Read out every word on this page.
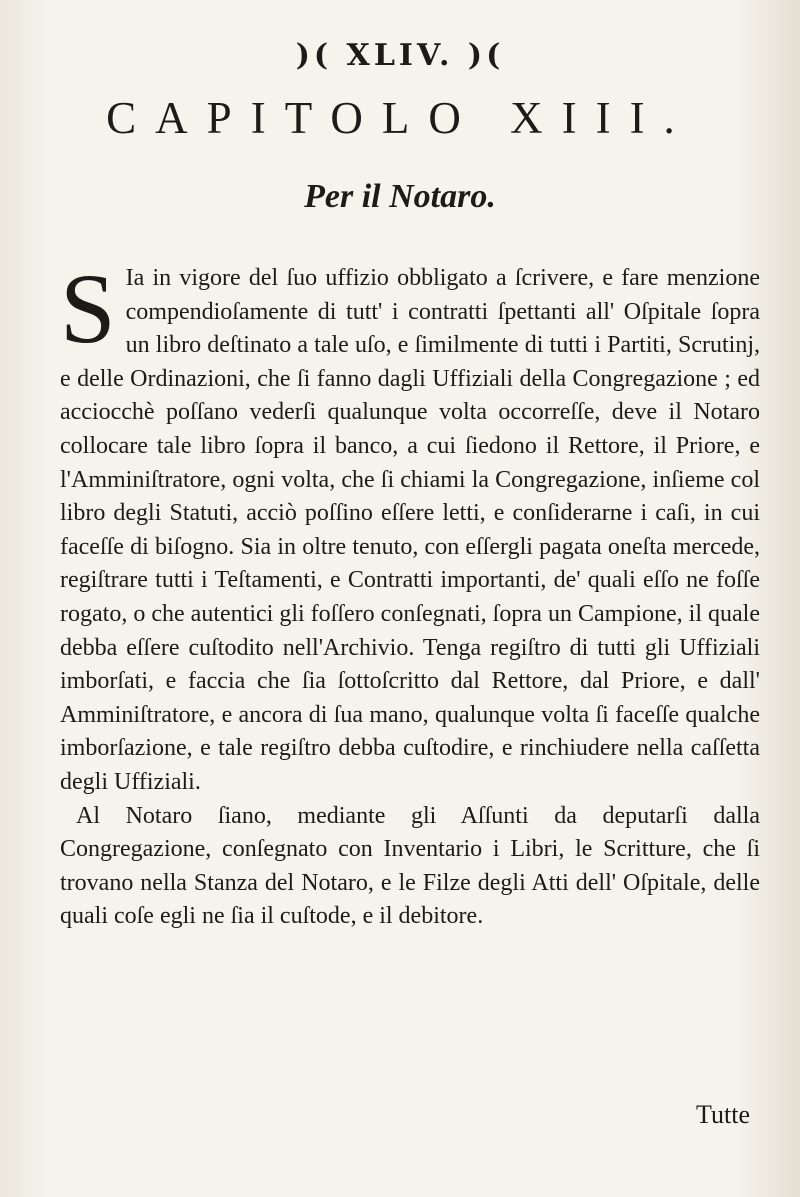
)( XLIV. )(
CAPITOLO XIII.
Per il Notaro.

S Ia in vigore del ſuo uffizio obbligato a ſcrivere, e fare menzione compendioſamente di tutt' i contratti ſpettanti all' Oſpitale ſopra un libro deſtinato a tale uſo, e ſimilmente di tutti i Partiti, Scrutinj, e delle Ordinazioni, che ſi fanno dagli Uffiziali della Congregazione ; ed acciocchè poſſano vederſi qualunque volta occorreſſe, deve il Notaro collocare tale libro ſopra il banco, a cui ſiedono il Rettore, il Priore, e l'Amminiſtratore, ogni volta, che ſi chiami la Congregazione, inſieme col libro degli Statuti, acciò poſſino eſſere letti, e conſiderarne i caſi, in cui faceſſe di biſogno. Sia in oltre tenuto, con eſſergli pagata oneſta mercede, regiſtrare tutti i Teſtamenti, e Contratti importanti, de' quali eſſo ne foſſe rogato, o che autentici gli foſſero conſegnati, ſopra un Campione, il quale debba eſſere cuſtodito nell'Archivio. Tenga regiſtro di tutti gli Uffiziali imborſati, e faccia che ſia ſottoſcritto dal Rettore, dal Priore, e dall' Amminiſtratore, e ancora di ſua mano, qualunque volta ſi faceſſe qualche imborſazione, e tale regiſtro debba cuſtodire, e rinchiudere nella caſſetta degli Uffiziali.

Al Notaro ſiano, mediante gli Aſſunti da deputarſi dalla Congregazione, conſegnato con Inventario i Libri, le Scritture, che ſi trovano nella Stanza del Notaro, e le Filze degli Atti dell' Oſpitale, delle quali coſe egli ne ſia il cuſtode, e il debitore.

Tutte
